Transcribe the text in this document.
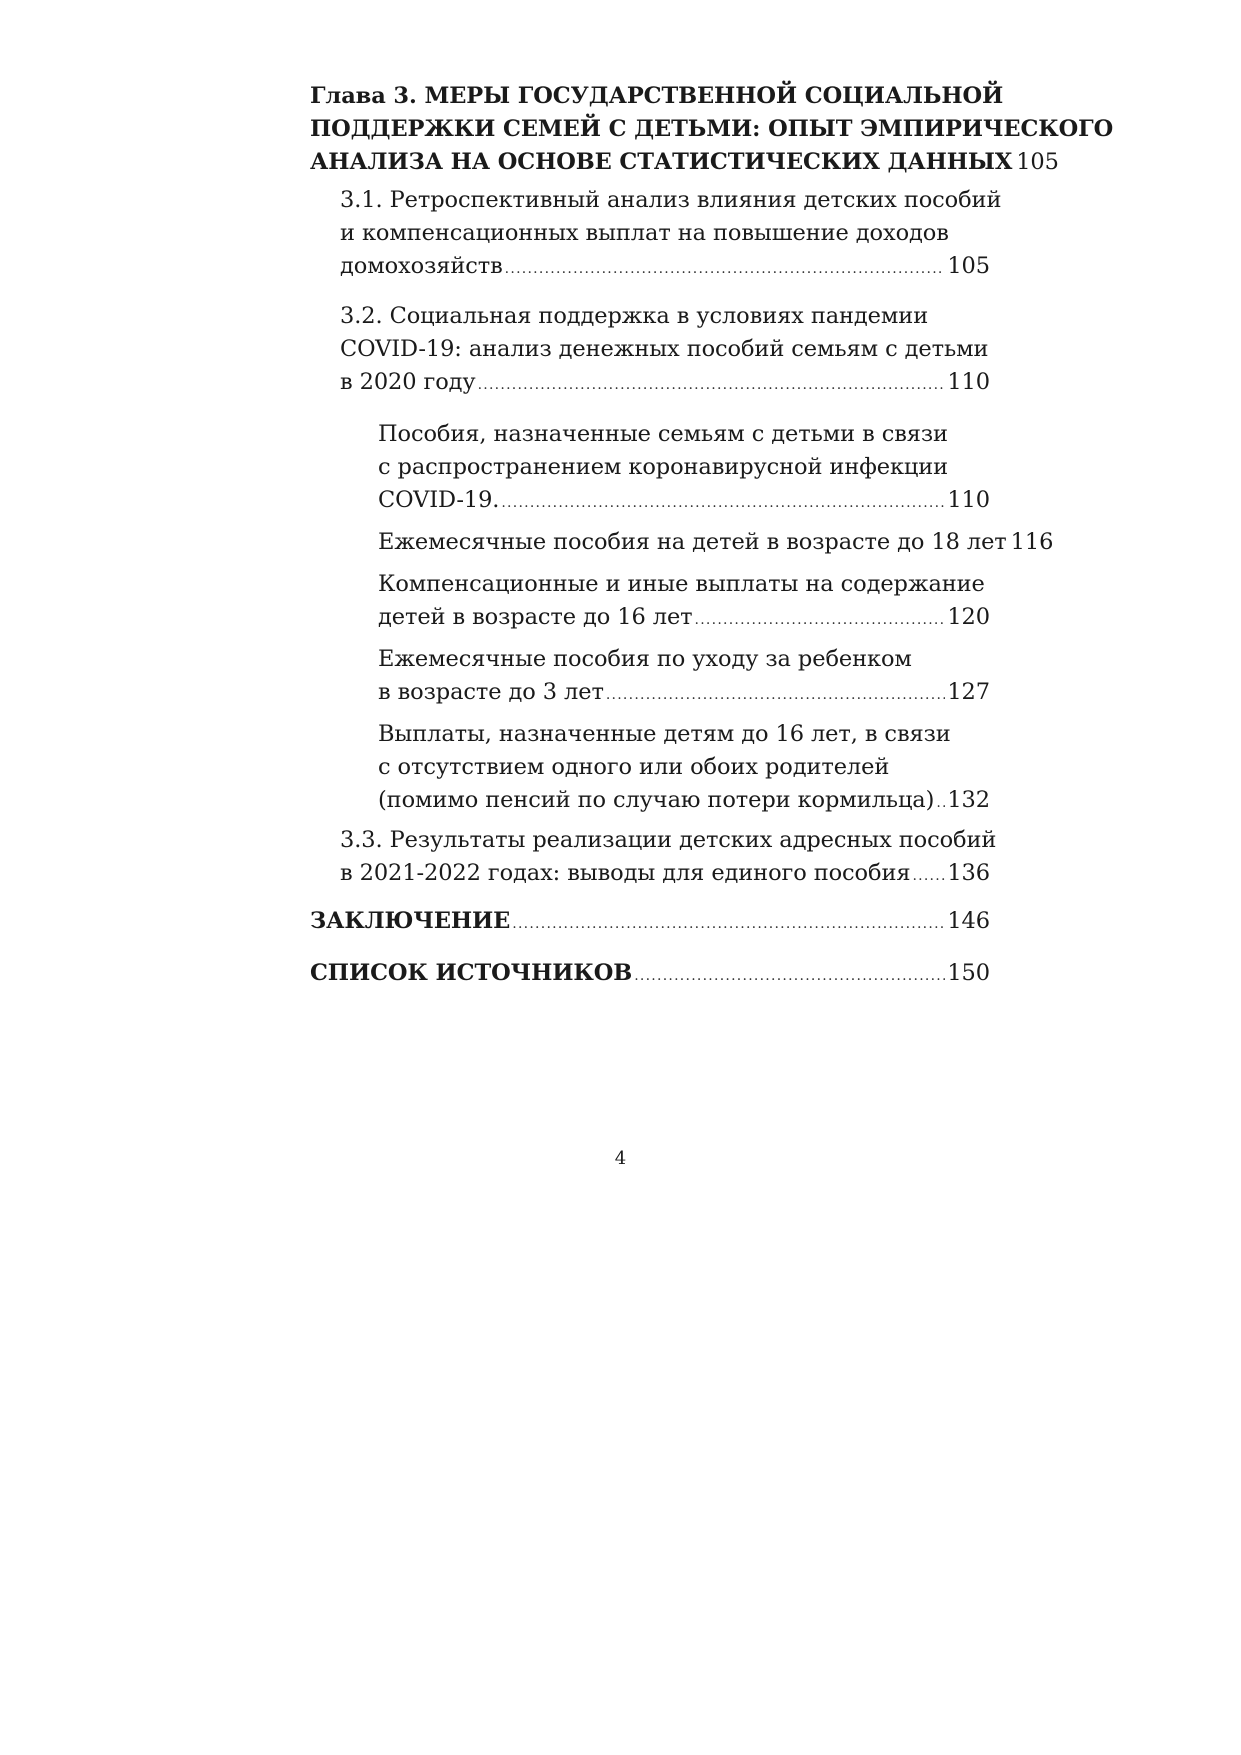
Глава 3. МЕРЫ ГОСУДАРСТВЕННОЙ СОЦИАЛЬНОЙ
ПОДДЕРЖКИ СЕМЕЙ С ДЕТЬМИ: ОПЫТ ЭМПИРИЧЕСКОГО
АНАЛИЗА НА ОСНОВЕ СТАТИСТИЧЕСКИХ ДАННЫХ 105
3.1. Ретроспективный анализ влияния детских пособий
и компенсационных выплат на повышение доходов
домохозяйств . . .	105
3.2. Социальная поддержка в условиях пандемии
COVID-19: анализ денежных пособий семьям с детьми
в 2020 году . . .	110
Пособия, назначенные семьям с детьми в связи
с распространением коронавирусной инфекции
COVID-19. . . .	110
Ежемесячные пособия на детей в возрасте до 18 лет 116
Компенсационные и иные выплаты на содержание
детей в возрасте до 16 лет . . .	120
Ежемесячные пособия по уходу за ребенком
в возрасте до 3 лет . . .	127
Выплаты, назначенные детям до 16 лет, в связи
с отсутствием одного или обоих родителей
(помимо пенсий по случаю потери кормильца) . . . 132
3.3. Результаты реализации детских адресных пособий
в 2021-2022 годах: выводы для единого пособия . . . 136
ЗАКЛЮЧЕНИЕ . . .	146
СПИСОК ИСТОЧНИКОВ . . .	150
4
